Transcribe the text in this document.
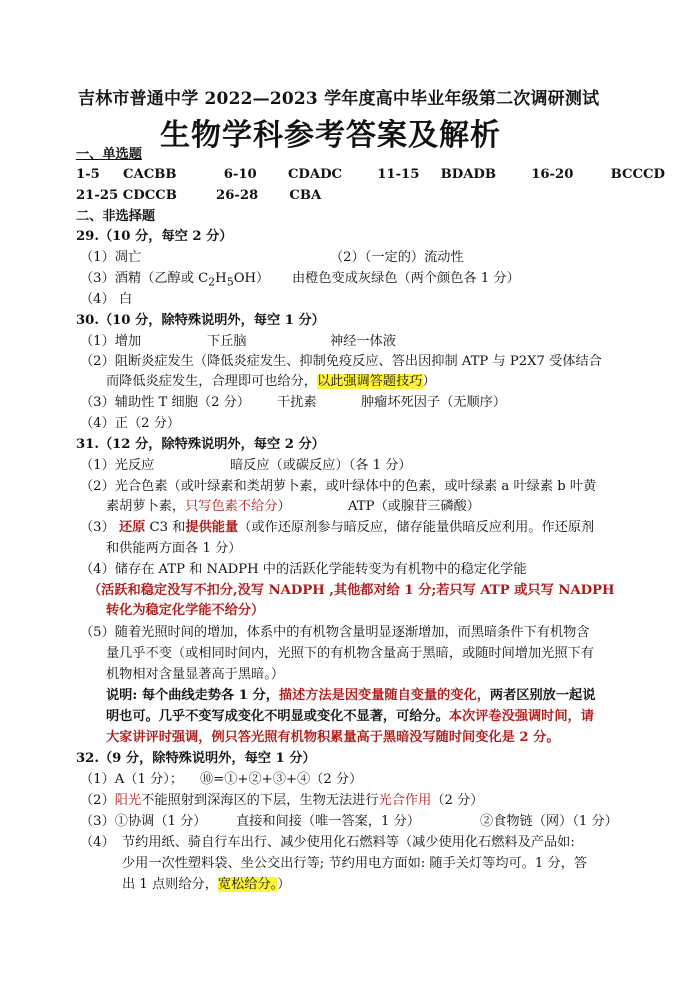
吉林市普通中学 2022—2023 学年度高中毕业年级第二次调研测试
生物学科参考答案及解析
一、单选题
1-5 CACBB	6-10 CDADC	11-15 BDADB	16-20	BCCCD
21-25 CDCCB	26-28 CBA
二、非选择题
29.（10 分，每空 2 分）
（1）凋亡	（2）（一定的）流动性
（3）酒精（乙醇或 $C_2H_5OH$） 由橙色变成灰绿色（两个颜色各 1 分）
（4） 白
30.（10 分，除特殊说明外，每空 1 分）
（1）增加	下丘脑	神经一体液
（2）阻断炎症发生（降低炎症发生、抑制免疫反应、答出因抑制 ATP 与 P2X7 受体结合
而降低炎症发生，合理即可也给分，以此强调答题技巧）
（3）辅助性 T 细胞（2 分） 干扰素	肿瘤坏死因子（无顺序）
（4）正（2 分）
31.（12 分，除特殊说明外，每空 2 分）
（1）光反应	暗反应（或碳反应）（各 1 分）
（2）光合色素（或叶绿素和类胡萝卜素，或叶绿体中的色素，或叶绿素 a 叶绿素 b 叶黄
素胡萝卜素，只写色素不给分）	ATP（或腺苷三磷酸）
（3） 还原 C3 和提供能量（或作还原剂参与暗反应，储存能量供暗反应利用。作还原剂
和供能两方面各 1 分）
（4）储存在 ATP 和 NADPH 中的活跃化学能转变为有机物中的稳定化学能
（活跃和稳定没写不扣分,没写 NADPH ,其他都对给 1 分;若只写 ATP 或只写 NADPH
转化为稳定化学能不给分）
（5）随着光照时间的增加，体系中的有机物含量明显逐渐增加，而黑暗条件下有机物含
量几乎不变（或相同时间内，光照下的有机物含量高于黑暗，或随时间增加光照下有
机物相对含量显著高于黑暗。）
说明: 每个曲线走势各 1 分，描述方法是因变量随自变量的变化，两者区别放一起说
明也可。几乎不变写成变化不明显或变化不显著，可给分。本次评卷没强调时间，请
大家讲评时强调，例只答光照有机物积累量高于黑暗没写随时间变化是 2 分。
32.（9 分，除特殊说明外，每空 1 分）
（1）A（1 分）； ⑩=①+②+③+④（2 分）
（2）阳光不能照射到深海区的下层，生物无法进行光合作用（2 分）
（3）①协调（1 分） 直接和间接（唯一答案，1 分）	②食物链（网）（1 分）
（4） 节约用纸、骑自行车出行、减少使用化石燃料等（减少使用化石燃料及产品如:
少用一次性塑料袋、坐公交出行等; 节约用电方面如: 随手关灯等均可。1 分，答
出 1 点则给分，宽松给分。）
